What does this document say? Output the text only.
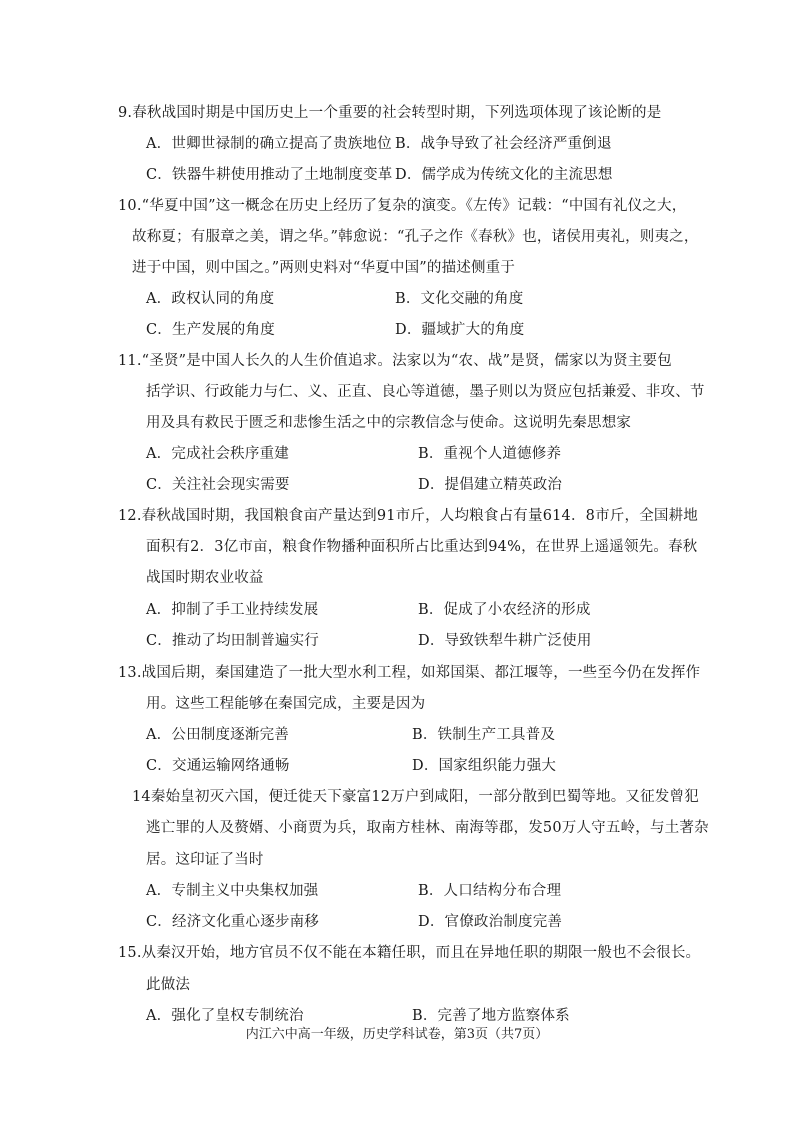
9.春秋战国时期是中国历史上一个重要的社会转型时期，下列选项体现了该论断的是
A．世卿世禄制的确立提高了贵族地位 B．战争导致了社会经济严重倒退
C．铁器牛耕使用推动了土地制度变革 D．儒学成为传统文化的主流思想
10.“华夏中国”这一概念在历史上经历了复杂的演变。《左传》记载：“中国有礼仪之大，
故称夏；有服章之美，谓之华。”韩愈说：“孔子之作《春秋》也，诸侯用夷礼，则夷之，
进于中国，则中国之。”两则史料对“华夏中国”的描述侧重于
A．政权认同的角度	B．文化交融的角度
C．生产发展的角度	D．疆域扩大的角度
11.“圣贤”是中国人长久的人生价值追求。法家以为“农、战”是贤，儒家以为贤主要包
括学识、行政能力与仁、义、正直、良心等道德，墨子则以为贤应包括兼爱、非攻、节
用及具有救民于匮乏和悲惨生活之中的宗教信念与使命。这说明先秦思想家
A．完成社会秩序重建	B．重视个人道德修养
C．关注社会现实需要	D．提倡建立精英政治
12.春秋战国时期，我国粮食亩产量达到91市斤，人均粮食占有量614．8市斤，全国耕地
面积有2．3亿市亩，粮食作物播种面积所占比重达到94%，在世界上遥遥领先。春秋
战国时期农业收益
A．抑制了手工业持续发展	B．促成了小农经济的形成
C．推动了均田制普遍实行	D．导致铁犁牛耕广泛使用
13.战国后期，秦国建造了一批大型水利工程，如郑国渠、都江堰等，一些至今仍在发挥作
用。这些工程能够在秦国完成，主要是因为
A．公田制度逐渐完善	B．铁制生产工具普及
C．交通运输网络通畅	D．国家组织能力强大
14秦始皇初灭六国，便迁徙天下豪富12万户到咸阳，一部分散到巴蜀等地。又征发曾犯
逃亡罪的人及赘婿、小商贾为兵，取南方桂林、南海等郡，发50万人守五岭，与土著杂
居。这印证了当时
A．专制主义中央集权加强	B．人口结构分布合理
C．经济文化重心逐步南移	D．官僚政治制度完善
15.从秦汉开始，地方官员不仅不能在本籍任职，而且在异地任职的期限一般也不会很长。
此做法
A．强化了皇权专制统治	B．完善了地方监察体系
内江六中高一年级，历史学科试卷，第3页（共7页）
